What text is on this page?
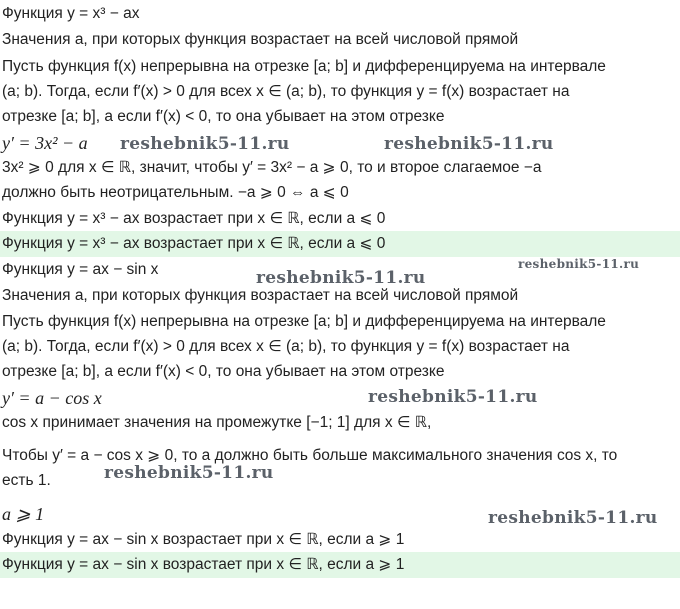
Функция y = x³ − ax
Значения a, при которых функция возрастает на всей числовой прямой
Пусть функция f(x) непрерывна на отрезке [a; b] и дифференцируема на интервале
(a; b). Тогда, если f′(x) > 0 для всех x ∈ (a; b), то функция y = f(x) возрастает на
отрезке [a; b], а если f′(x) < 0, то она убывает на этом отрезке
y′ = 3x² − a
3x² ⩾ 0 для x ∈ ℝ, значит, чтобы y′ = 3x² − a ⩾ 0, то и второе слагаемое −a
должно быть неотрицательным. −a ⩾ 0 ⇔ a ⩽ 0
Функция y = x³ − ax возрастает при x ∈ ℝ, если a ⩽ 0
Функция y = x³ − ax возрастает при x ∈ ℝ, если a ⩽ 0
Функция y = ax − sin x
Значения a, при которых функция возрастает на всей числовой прямой
Пусть функция f(x) непрерывна на отрезке [a; b] и дифференцируема на интервале
(a; b). Тогда, если f′(x) > 0 для всех x ∈ (a; b), то функция y = f(x) возрастает на
отрезке [a; b], а если f′(x) < 0, то она убывает на этом отрезке
y′ = a − cos x
cos x принимает значения на промежутке [−1; 1] для x ∈ ℝ,
Чтобы y′ = a − cos x ⩾ 0, то a должно быть больше максимального значения cos x, то
есть 1.
a ⩾ 1
Функция y = ax − sin x возрастает при x ∈ ℝ, если a ⩾ 1
Функция y = ax − sin x возрастает при x ∈ ℝ, если a ⩾ 1
reshebnik5-11.ru	reshebnik5-11.ru
reshebnik5-11.ru
reshebnik5-11.ru
reshebnik5-11.ru
reshebnik5-11.ru
reshebnik5-11.ru
